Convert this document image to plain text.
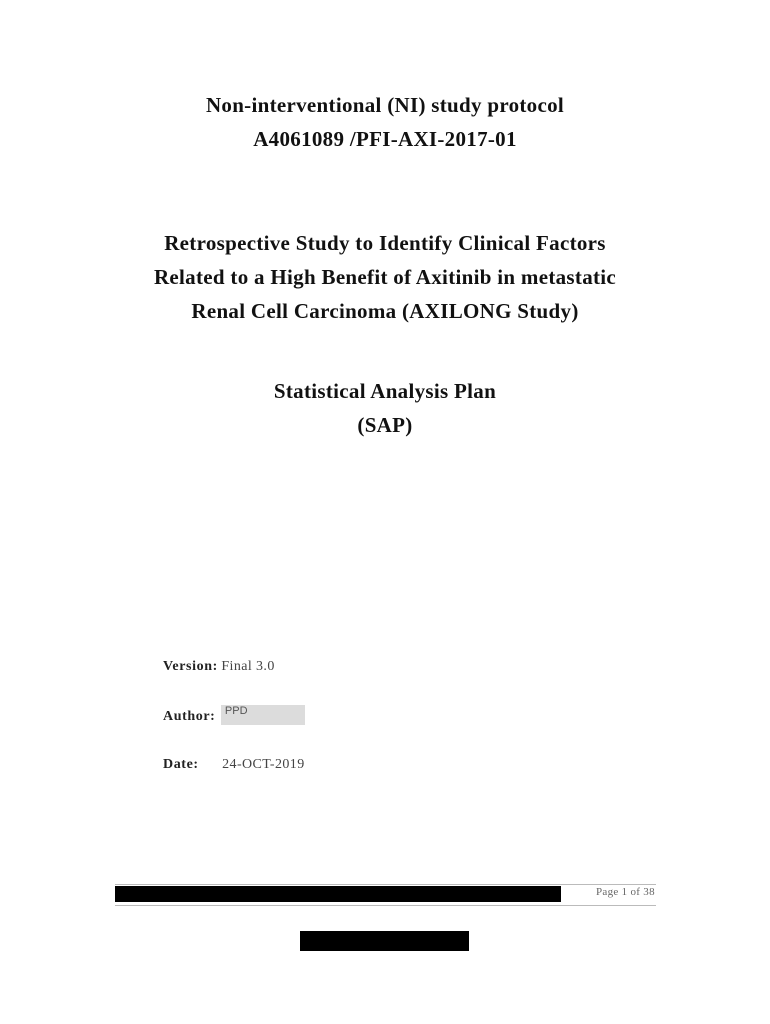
Non-interventional (NI) study protocol
A4061089 /PFI-AXI-2017-01
Retrospective Study to Identify Clinical Factors
Related to a High Benefit of Axitinib in metastatic
Renal Cell Carcinoma (AXILONG Study)
Statistical Analysis Plan
(SAP)
Version: Final 3.0
Author: PPD
Date: 24-OCT-2019
Page 1 of 38
